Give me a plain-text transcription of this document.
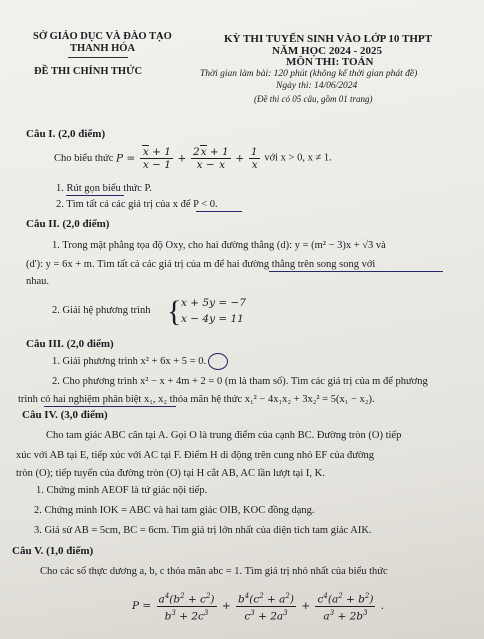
SỞ GIÁO DỤC VÀ ĐÀO TẠO
THANH HÓA
ĐỀ THI CHÍNH THỨC
KỲ THI TUYỂN SINH VÀO LỚP 10 THPT
NĂM HỌC 2024 - 2025
MÔN THI: TOÁN
Thời gian làm bài: 120 phút (không kể thời gian phát đề)
Ngày thi: 14/06/2024
(Đề thi có 05 câu, gồm 01 trang)
Câu I. (2,0 điểm)
Cho biểu thức $P = \frac{x + 1}{x - 1} + \frac{2x + 1}{x - x} + \frac{1}{x}$ với x > 0, x ≠ 1.
1. Rút gọn biểu thức P.
2. Tìm tất cả các giá trị của x để P < 0.
Câu II. (2,0 điểm)
1. Trong mặt phẳng tọa độ Oxy, cho hai đường thẳng (d): y = (m² − 3)x + √3 và
(d'): y = 6x + m. Tìm tất cả các giá trị của m để hai đường thẳng trên song song với
nhau.
2. Giải hệ phương trình { x + 5y = −7
x − 4y = 11
Câu III. (2,0 điểm)
1. Giải phương trình x² + 6x + 5 = 0.
2. Cho phương trình x² − x + 4m + 2 = 0 (m là tham số). Tìm các giá trị của m để phương
trình có hai nghiệm phân biệt x₁, x₂ thỏa mãn hệ thức x₁² − 4x₁x₂ + 3x₂² = 5(x₁ − x₂).
Câu IV. (3,0 điểm)
Cho tam giác ABC cân tại A. Gọi O là trung điểm của cạnh BC. Đường tròn (O) tiếp
xúc với AB tại E, tiếp xúc với AC tại F. Điểm H di động trên cung nhỏ EF của đường
tròn (O); tiếp tuyến của đường tròn (O) tại H cắt AB, AC lần lượt tại I, K.
1. Chứng minh AEOF là tứ giác nội tiếp.
2. Chứng minh IOK = ABC và hai tam giác OIB, KOC đồng dạng.
3. Giả sử AB = 5cm, BC = 6cm. Tìm giá trị lớn nhất của diện tích tam giác AIK.
Câu V. (1,0 điểm)
Cho các số thực dương a, b, c thỏa mãn abc = 1. Tìm giá trị nhỏ nhất của biểu thức
$P = \frac{a^4(b^2 + c^2)}{b^3 + 2c^3} + \frac{b^4(c^2 + a^2)}{c^3 + 2a^3} + \frac{c^4(a^2 + b^2)}{a^3 + 2b^3}$ .
